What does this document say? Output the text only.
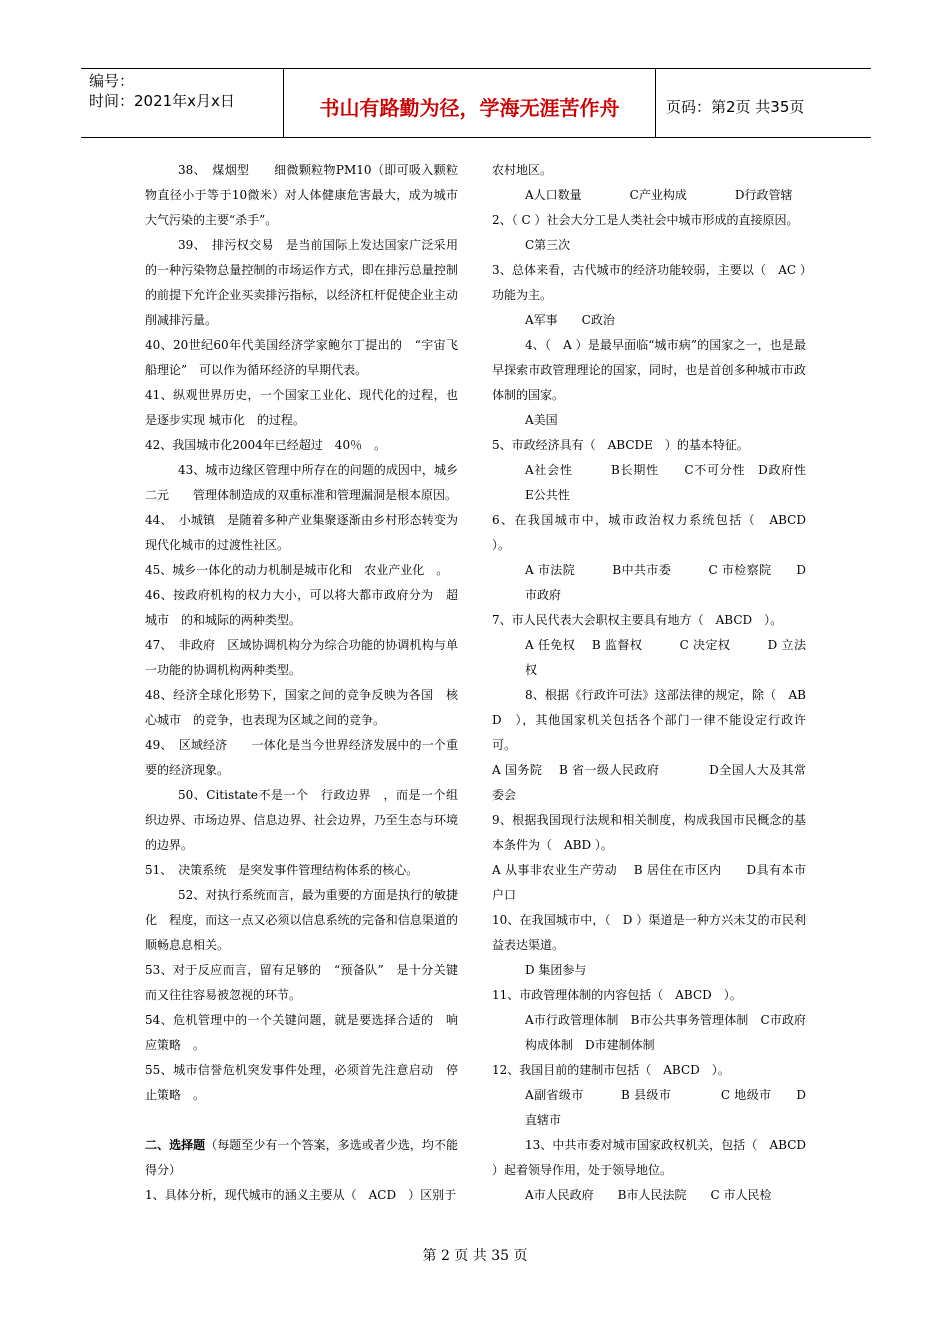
编号：
时间：2021年x月x日	书山有路勤为径，学海无涯苦作舟	页码：第2页 共35页

38、　煤烟型　　细微颗粒物PM10（即可吸入颗粒物直径小于等于10微米）对人体健康危害最大，成为城市大气污染的主要“杀手”。

39、　排污权交易　是当前国际上发达国家广泛采用的一种污染物总量控制的市场运作方式，即在排污总量控制的前提下允许企业买卖排污指标，以经济杠杆促使企业主动削减排污量。

40、20世纪60年代美国经济学家鲍尔丁提出的　“宇宙飞船理论”　可以作为循环经济的早期代表。

41、纵观世界历史，一个国家工业化、现代化的过程，也是逐步实现 城市化　的过程。

42、我国城市化2004年已经超过　40％　。

43、城市边缘区管理中所存在的问题的成因中，城乡二元　　管理体制造成的双重标准和管理漏洞是根本原因。

44、　小城镇　是随着多种产业集聚逐渐由乡村形态转变为现代化城市的过渡性社区。

45、城乡一体化的动力机制是城市化和　农业产业化　。

46、按政府机构的权力大小，可以将大都市政府分为　超城市　的和城际的两种类型。

47、　非政府　区域协调机构分为综合功能的协调机构与单一功能的协调机构两种类型。

48、经济全球化形势下，国家之间的竞争反映为各国　核心城市　的竞争，也表现为区域之间的竞争。

49、　区域经济　　一体化是当今世界经济发展中的一个重要的经济现象。

50、Citistate不是一个　行政边界　，而是一个组织边界、市场边界、信息边界、社会边界，乃至生态与环境的边界。

51、　决策系统　是突发事件管理结构体系的核心。

52、对执行系统而言，最为重要的方面是执行的敏捷化　程度，而这一点又必须以信息系统的完备和信息渠道的顺畅息息相关。

53、对于反应而言，留有足够的　“预备队”　是十分关键而又往往容易被忽视的环节。

54、危机管理中的一个关键问题，就是要选择合适的　响应策略　。

55、城市信誉危机突发事件处理，必须首先注意启动　停止策略　。

二、选择题（每题至少有一个答案，多选或者少选，均不能得分）

1、具体分析，现代城市的涵义主要从（　ACD　）区别于

农村地区。

A人口数量　　　　C产业构成　　　　D行政管辖

2、（ C ）社会大分工是人类社会中城市形成的直接原因。

C第三次

3、总体来看，古代城市的经济功能较弱，主要以（　AC ）功能为主。

A军事　　C政治

4、（　A ）是最早面临“城市病”的国家之一，也是最早探索市政管理理论的国家，同时，也是首创多种城市市政体制的国家。

A美国

5、市政经济具有（　ABCDE　）的基本特征。

A社会性　　　B长期性　　C不可分性　D政府性　E公共性

6、在我国城市中，城市政治权力系统包括（　ABCD　）。

A 市法院　　　B中共市委　　　C 市检察院　　D市政府

7、市人民代表大会职权主要具有地方（　ABCD　）。

A 任免权　 B 监督权　　　C 决定权　　　D 立法权

8、根据《行政许可法》这部法律的规定，除（　ABD　），其他国家机关包括各个部门一律不能设定行政许可。

A 国务院　 B 省一级人民政府　　　　D全国人大及其常委会

9、根据我国现行法规和相关制度，构成我国市民概念的基本条件为（　ABD ）。

A 从事非农业生产劳动　 B 居住在市区内　　D具有本市户口

10、在我国城市中，（　D ）渠道是一种方兴未艾的市民利益表达渠道。

D 集团参与

11、市政管理体制的内容包括（　ABCD　）。

A市行政管理体制　B市公共事务管理体制　C市政府构成体制　D市建制体制

12、我国目前的建制市包括（　ABCD　）。

A副省级市　　　B 县级市　　　　C 地级市　　D直辖市

13、中共市委对城市国家政权机关，包括（　ABCD　）起着领导作用，处于领导地位。

A市人民政府　　B市人民法院　　C 市人民检

第 2 页 共 35 页
